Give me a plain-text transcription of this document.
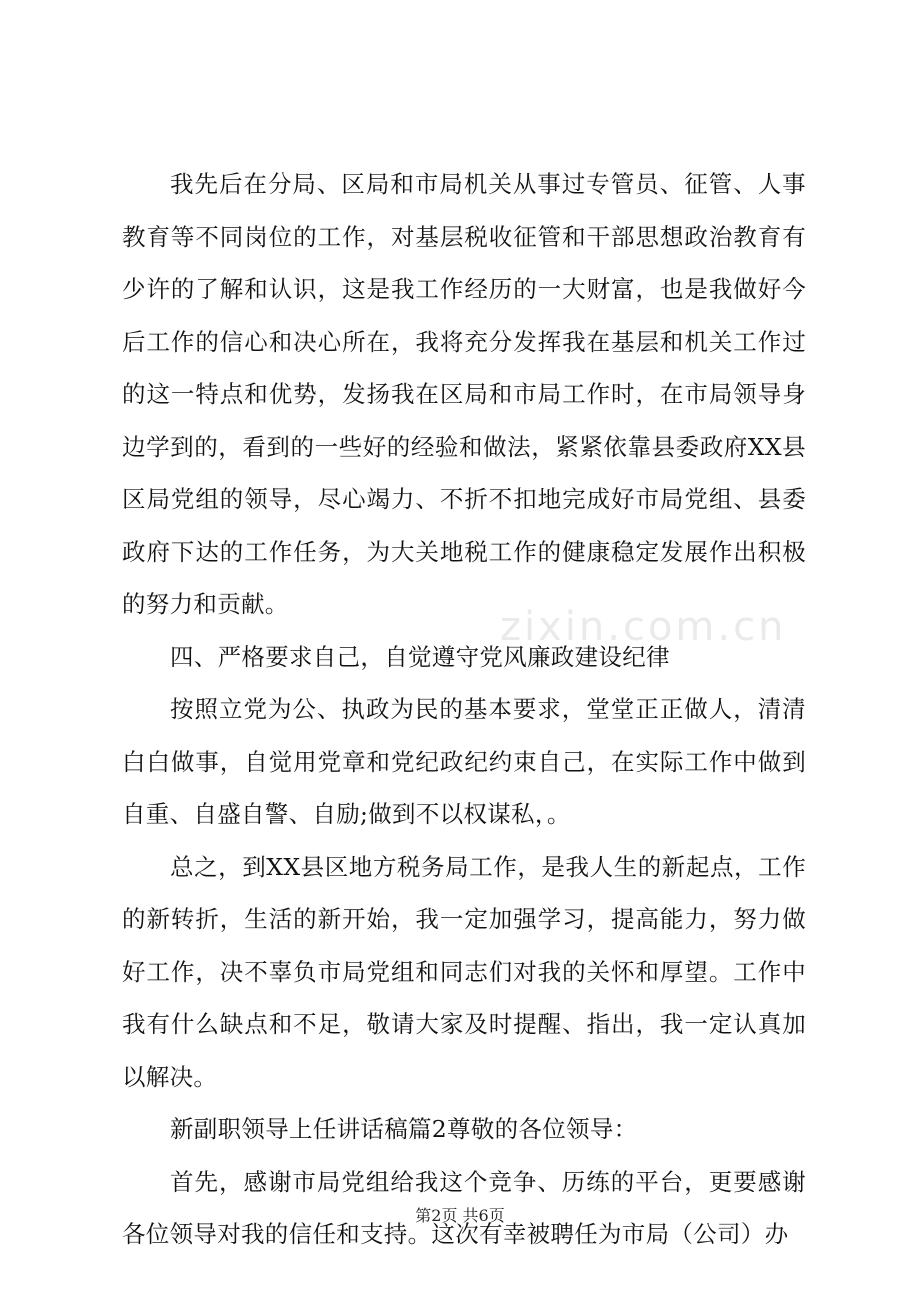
我先后在分局、区局和市局机关从事过专管员、征管、人事教育等不同岗位的工作，对基层税收征管和干部思想政治教育有少许的了解和认识，这是我工作经历的一大财富，也是我做好今后工作的信心和决心所在，我将充分发挥我在基层和机关工作过的这一特点和优势，发扬我在区局和市局工作时，在市局领导身边学到的，看到的一些好的经验和做法，紧紧依靠县委政府XX县区局党组的领导，尽心竭力、不折不扣地完成好市局党组、县委政府下达的工作任务，为大关地税工作的健康稳定发展作出积极的努力和贡献。

四、严格要求自己，自觉遵守党风廉政建设纪律

按照立党为公、执政为民的基本要求，堂堂正正做人，清清白白做事，自觉用党章和党纪政纪约束自己，在实际工作中做到自重、自盛自警、自励;做到不以权谋私，。

总之，到XX县区地方税务局工作，是我人生的新起点，工作的新转折，生活的新开始，我一定加强学习，提高能力，努力做好工作，决不辜负市局党组和同志们对我的关怀和厚望。工作中我有什么缺点和不足，敬请大家及时提醒、指出，我一定认真加以解决。

新副职领导上任讲话稿篇2尊敬的各位领导：

首先，感谢市局党组给我这个竞争、历练的平台，更要感谢各位领导对我的信任和支持。这次有幸被聘任为市局（公司）办

zixin.com.cn
第2页 共6页
